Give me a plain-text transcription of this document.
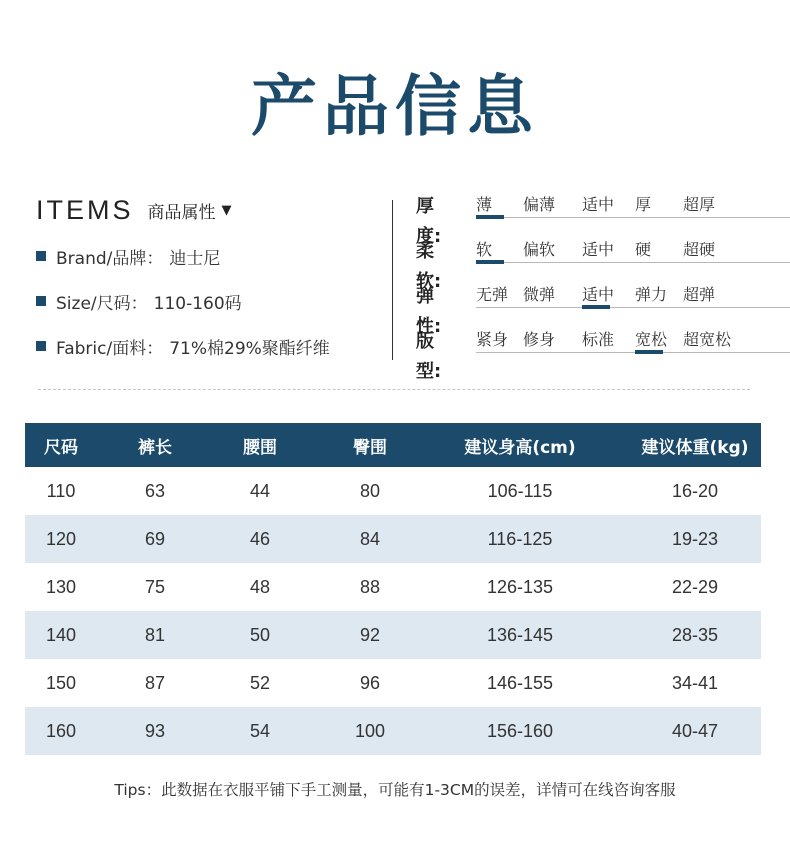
产品信息
ITEMS 商品属性 ▼
Brand/品牌： 迪士尼
Size/尺码： 110-160码
Fabric/面料： 71%棉29%聚酯纤维
厚度:
薄 偏薄 适中 厚 超厚
柔软:
软 偏软 适中 硬 超硬
弹性:
无弹 微弹 适中 弹力 超弹
版型:
紧身 修身 标准 宽松 超宽松
尺码	裤长	腰围	臀围	建议身高(cm)	建议体重(kg)
110	63	44	80	106-115	16-20
120	69	46	84	116-125	19-23
130	75	48	88	126-135	22-29
140	81	50	92	136-145	28-35
150	87	52	96	146-155	34-41
160	93	54	100	156-160	40-47
Tips：此数据在衣服平铺下手工测量，可能有1-3CM的误差，详情可在线咨询客服
